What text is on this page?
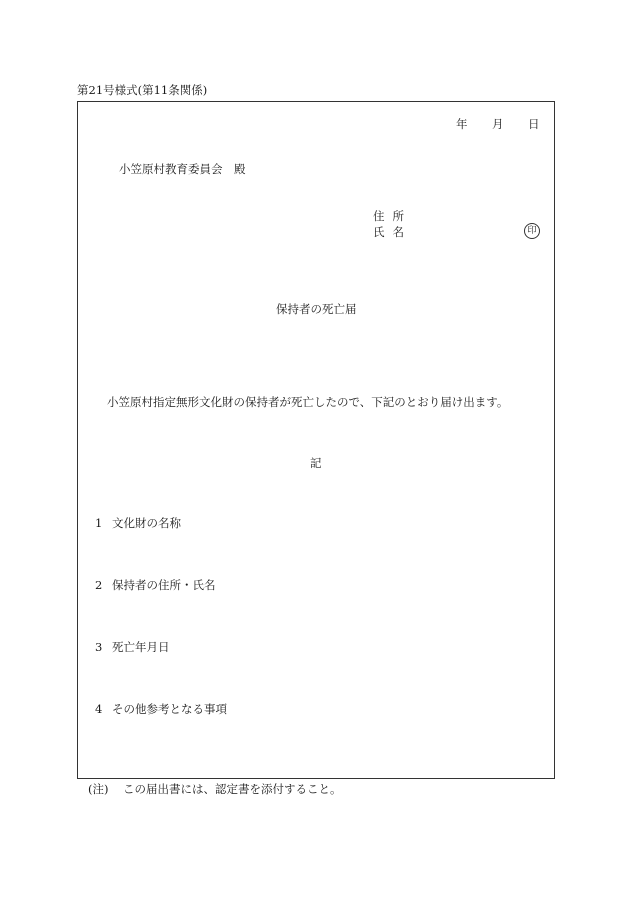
第21号様式(第11条関係)
年 月 日
小笠原村教育委員会　殿
住所
氏名	印
保持者の死亡届
小笠原村指定無形文化財の保持者が死亡したので、下記のとおり届け出ます。
記
1 文化財の名称
2 保持者の住所・氏名
3 死亡年月日
4 その他参考となる事項
(注) この届出書には、認定書を添付すること。
